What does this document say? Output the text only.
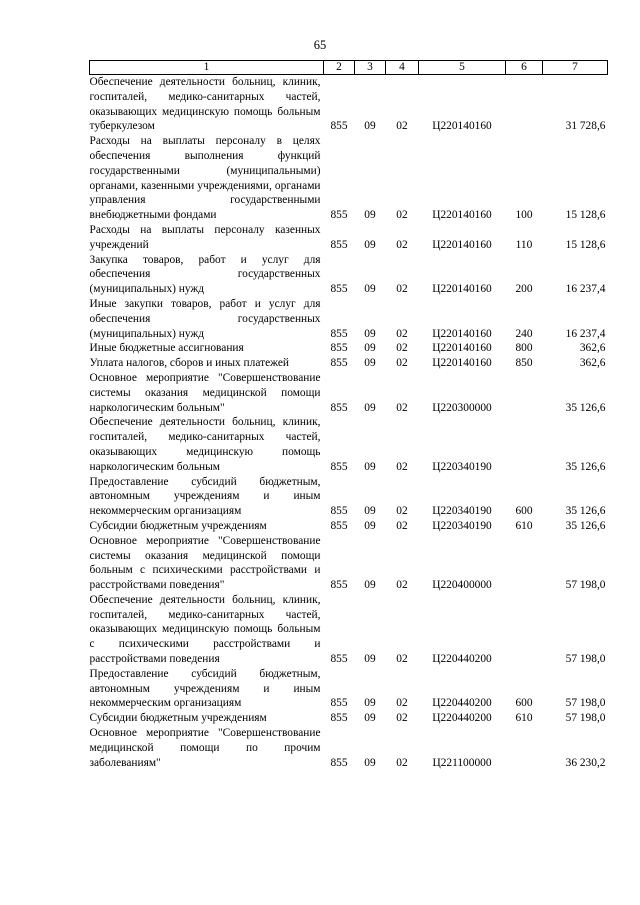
65
1	2	3	4	5	6	7
Обеспечение деятельности больниц, клиник, госпиталей, медико-санитарных частей, оказывающих медицинскую помощь больным туберкулезом	855	09	02	Ц220140160		31 728,6
Расходы на выплаты персоналу в целях обеспечения выполнения функций государственными (муниципальными) органами, казенными учреждениями, органами управления государственными внебюджетными фондами	855	09	02	Ц220140160	100	15 128,6
Расходы на выплаты персоналу казенных учреждений	855	09	02	Ц220140160	110	15 128,6
Закупка товаров, работ и услуг для обеспечения государственных (муниципальных) нужд	855	09	02	Ц220140160	200	16 237,4
Иные закупки товаров, работ и услуг для обеспечения государственных (муниципальных) нужд	855	09	02	Ц220140160	240	16 237,4
Иные бюджетные ассигнования	855	09	02	Ц220140160	800	362,6
Уплата налогов, сборов и иных платежей	855	09	02	Ц220140160	850	362,6
Основное мероприятие "Совершенствование системы оказания медицинской помощи наркологическим больным"	855	09	02	Ц220300000		35 126,6
Обеспечение деятельности больниц, клиник, госпиталей, медико-санитарных частей, оказывающих медицинскую помощь наркологическим больным	855	09	02	Ц220340190		35 126,6
Предоставление субсидий бюджетным, автономным учреждениям и иным некоммерческим организациям	855	09	02	Ц220340190	600	35 126,6
Субсидии бюджетным учреждениям	855	09	02	Ц220340190	610	35 126,6
Основное мероприятие "Совершенствование системы оказания медицинской помощи больным с психическими расстройствами и расстройствами поведения"	855	09	02	Ц220400000		57 198,0
Обеспечение деятельности больниц, клиник, госпиталей, медико-санитарных частей, оказывающих медицинскую помощь больным с психическими расстройствами и расстройствами поведения	855	09	02	Ц220440200		57 198,0
Предоставление субсидий бюджетным, автономным учреждениям и иным некоммерческим организациям	855	09	02	Ц220440200	600	57 198,0
Субсидии бюджетным учреждениям	855	09	02	Ц220440200	610	57 198,0
Основное мероприятие "Совершенствование медицинской помощи по прочим заболеваниям"	855	09	02	Ц221100000		36 230,2
